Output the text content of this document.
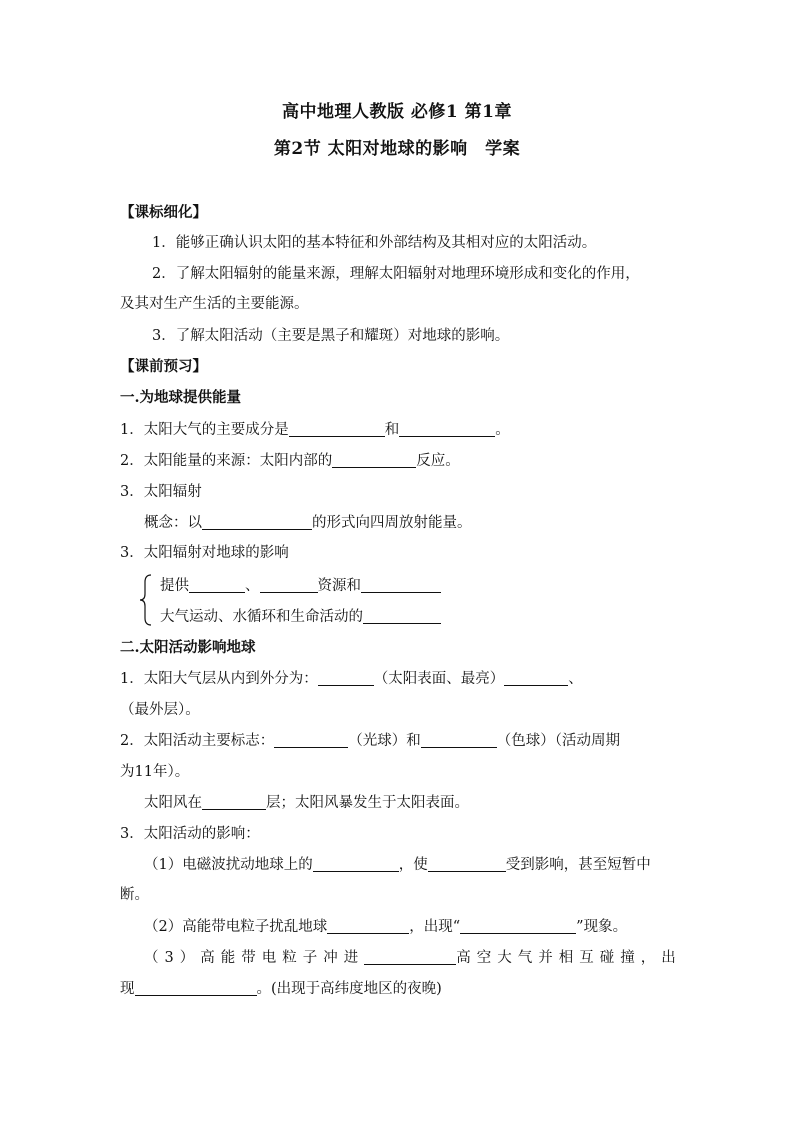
高中地理人教版 必修1 第1章
第2节 太阳对地球的影响　学案
【课标细化】
1．能够正确认识太阳的基本特征和外部结构及其相对应的太阳活动。
2．了解太阳辐射的能量来源，理解太阳辐射对地理环境形成和变化的作用，
及其对生产生活的主要能源。
3．了解太阳活动（主要是黑子和耀斑）对地球的影响。
【课前预习】
一.为地球提供能量
1．太阳大气的主要成分是	和	。
2．太阳能量的来源：太阳内部的	反应。
3．太阳辐射
概念：以	的形式向四周放射能量。
3．太阳辐射对地球的影响
提供	、	资源和
大气运动、水循环和生命活动的
二.太阳活动影响地球
1．太阳大气层从内到外分为：	（太阳表面、最亮）	、
（最外层）。
2．太阳活动主要标志：	（光球）和	（色球）（活动周期
为11年）。
太阳风在	层；太阳风暴发生于太阳表面。
3．太阳活动的影响：
（1）电磁波扰动地球上的	，使	受到影响，甚至短暂中
断。
（2）高能带电粒子扰乱地球	，出现“	”现象。
（3）高能带电粒子冲进	高空大气并相互碰撞，出
现	。(出现于高纬度地区的夜晚)
